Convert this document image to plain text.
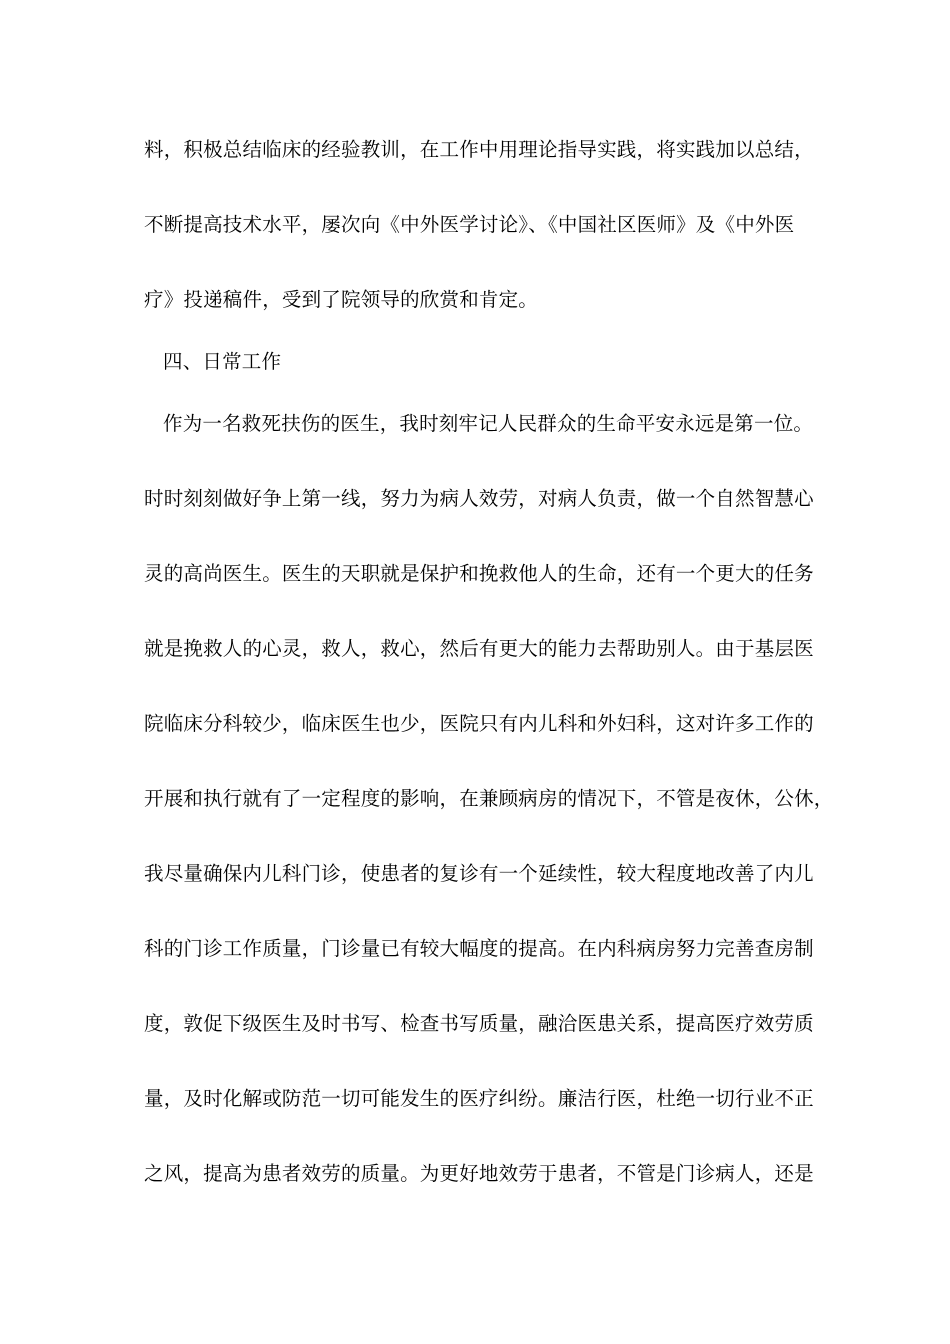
料，积极总结临床的经验教训，在工作中用理论指导实践，将实践加以总结，
不断提高技术水平，屡次向《中外医学讨论》、《中国社区医师》及《中外医
疗》投递稿件，受到了院领导的欣赏和肯定。
四、日常工作
作为一名救死扶伤的医生，我时刻牢记人民群众的生命平安永远是第一位。
时时刻刻做好争上第一线，努力为病人效劳，对病人负责，做一个自然智慧心
灵的高尚医生。医生的天职就是保护和挽救他人的生命，还有一个更大的任务
就是挽救人的心灵，救人，救心，然后有更大的能力去帮助别人。由于基层医
院临床分科较少，临床医生也少，医院只有内儿科和外妇科，这对许多工作的
开展和执行就有了一定程度的影响，在兼顾病房的情况下，不管是夜休，公休，
我尽量确保内儿科门诊，使患者的复诊有一个延续性，较大程度地改善了内儿
科的门诊工作质量，门诊量已有较大幅度的提高。在内科病房努力完善查房制
度，敦促下级医生及时书写、检查书写质量，融洽医患关系，提高医疗效劳质
量，及时化解或防范一切可能发生的医疗纠纷。廉洁行医，杜绝一切行业不正
之风，提高为患者效劳的质量。为更好地效劳于患者，不管是门诊病人，还是
